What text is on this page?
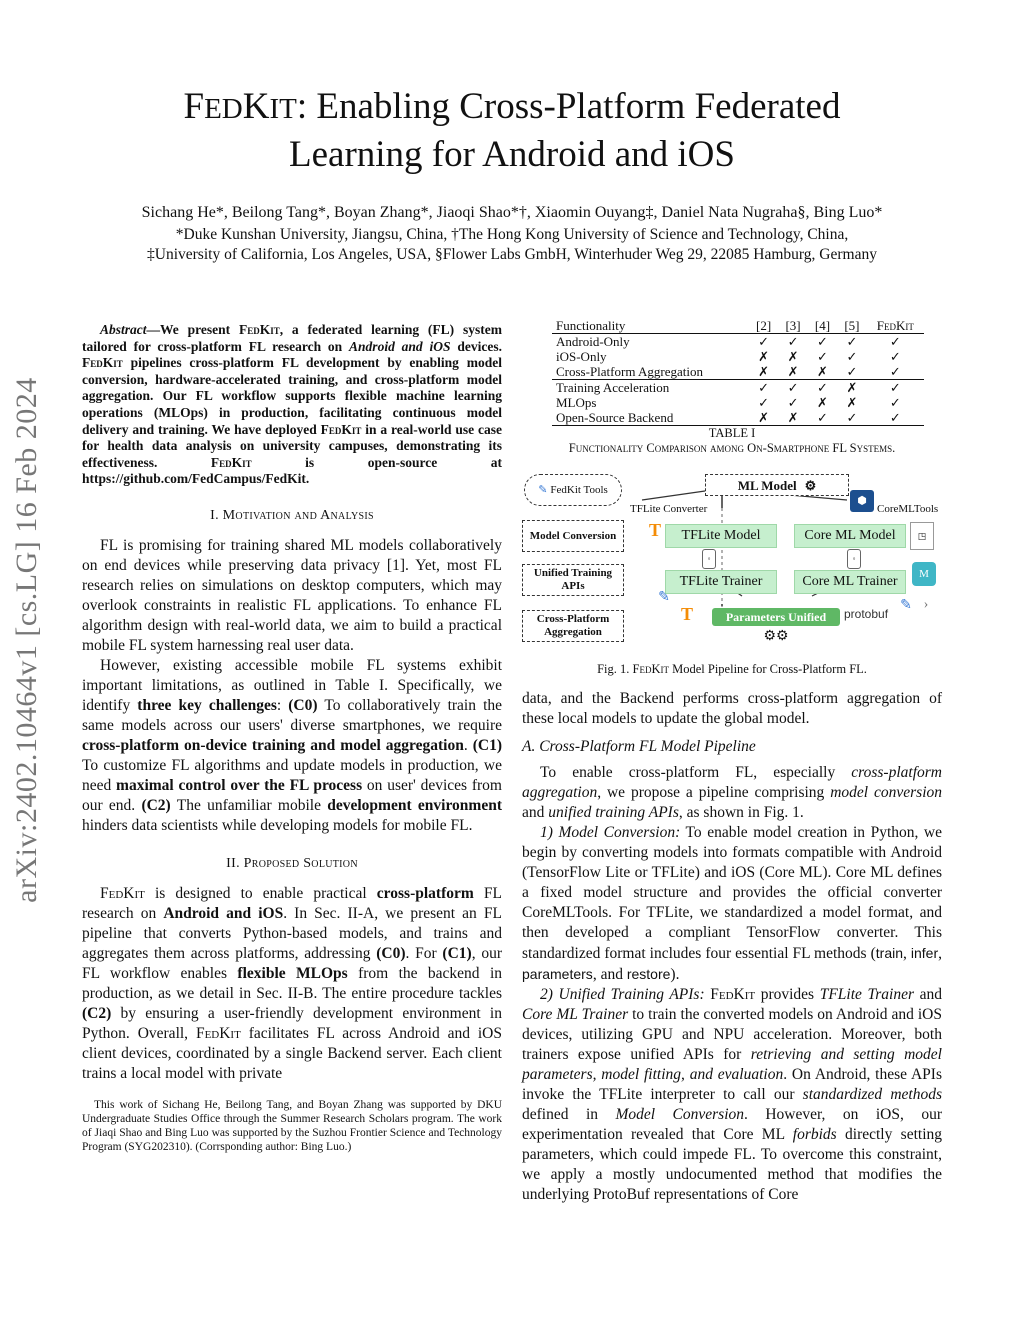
arXiv:2402.10464v1 [cs.LG] 16 Feb 2024
FEDKIT: Enabling Cross-Platform Federated
Learning for Android and iOS
Sichang He*, Beilong Tang*, Boyan Zhang*, Jiaoqi Shao*†, Xiaomin Ouyang‡, Daniel Nata Nugraha§, Bing Luo*
*Duke Kunshan University, Jiangsu, China, †The Hong Kong University of Science and Technology, China,
‡University of California, Los Angeles, USA, §Flower Labs GmbH, Winterhuder Weg 29, 22085 Hamburg, Germany
Abstract—We present FedKit, a federated learning (FL) system tailored for cross-platform FL research on Android and iOS devices. FedKit pipelines cross-platform FL development by enabling model conversion, hardware-accelerated training, and cross-platform model aggregation. Our FL workflow supports flexible machine learning operations (MLOps) in production, facilitating continuous model delivery and training. We have deployed FedKit in a real-world use case for health data analysis on university campuses, demonstrating its effectiveness. FedKit is open-source at https://github.com/FedCampus/FedKit.
I. Motivation and Analysis

FL is promising for training shared ML models collaboratively on end devices while preserving data privacy [1]. Yet, most FL research relies on simulations on desktop computers, which may overlook constraints in realistic FL applications. To enhance FL algorithm design with real-world data, we aim to build a practical mobile FL system harnessing real user data.

However, existing accessible mobile FL systems exhibit important limitations, as outlined in Table I. Specifically, we identify three key challenges: (C0) To collaboratively train the same models across our users' diverse smartphones, we require cross-platform on-device training and model aggregation. (C1) To customize FL algorithms and update models in production, we need maximal control over the FL process on user' devices from our end. (C2) The unfamiliar mobile development environment hinders data scientists while developing models for mobile FL.

II. Proposed Solution

FedKit is designed to enable practical cross-platform FL research on Android and iOS. In Sec. II-A, we present an FL pipeline that converts Python-based models, and trains and aggregates them across platforms, addressing (C0). For (C1), our FL workflow enables flexible MLOps from the backend in production, as we detail in Sec. II-B. The entire procedure tackles (C2) by ensuring a user-friendly development environment in Python. Overall, FedKit facilitates FL across Android and iOS client devices, coordinated by a single Backend server. Each client trains a local model with private

This work of Sichang He, Beilong Tang, and Boyan Zhang was supported by DKU Undergraduate Studies Office through the Summer Research Scholars program. The work of Jiaqi Shao and Bing Luo was supported by the Suzhou Frontier Science and Technology Program (SYG202310). (Corrsponding author: Bing Luo.)
Functionality	[2]	[3]	[4]	[5]	FedKit
Android-Only	✓	✓	✓	✓	✓
iOS-Only	✗	✗	✓	✓	✓
Cross-Platform Aggregation	✗	✗	✗	✓	✓
Training Acceleration	✓	✓	✓	✗	✓
MLOps	✓	✓	✗	✗	✓
Open-Source Backend	✗	✗	✓	✓	✓
TABLE I
Functionality Comparison among On-Smartphone FL Systems.
✎ FedKit Tools	ML Model ⚙
TFLite Converter	CoreMLTools
⬢
Model Conversion
Unified Training APIs
Cross-Platform Aggregation
T	TFLite Model	Core ML Model	◳
◦	◦
TFLite Trainer	Core ML Trainer	M
✎
T	Parameters Unified	protobuf
✎ ›
⚙⚙
Fig. 1. FedKit Model Pipeline for Cross-Platform FL.

data, and the Backend performs cross-platform aggregation of these local models to update the global model.

A. Cross-Platform FL Model Pipeline

To enable cross-platform FL, especially cross-platform aggregation, we propose a pipeline comprising model conversion and unified training APIs, as shown in Fig. 1.

1) Model Conversion: To enable model creation in Python, we begin by converting models into formats compatible with Android (TensorFlow Lite or TFLite) and iOS (Core ML). Core ML defines a fixed model structure and provides the official converter CoreMLTools. For TFLite, we standardized a model format, and then developed a compliant TensorFlow converter. This standardized format includes four essential FL methods (train, infer, parameters, and restore).

2) Unified Training APIs: FedKit provides TFLite Trainer and Core ML Trainer to train the converted models on Android and iOS devices, utilizing GPU and NPU acceleration. Moreover, both trainers expose unified APIs for retrieving and setting model parameters, model fitting, and evaluation. On Android, these APIs invoke the TFLite interpreter to call our standardized methods defined in Model Conversion. However, on iOS, our experimentation revealed that Core ML forbids directly setting parameters, which could impede FL. To overcome this constraint, we apply a mostly undocumented method that modifies the underlying ProtoBuf representations of Core
